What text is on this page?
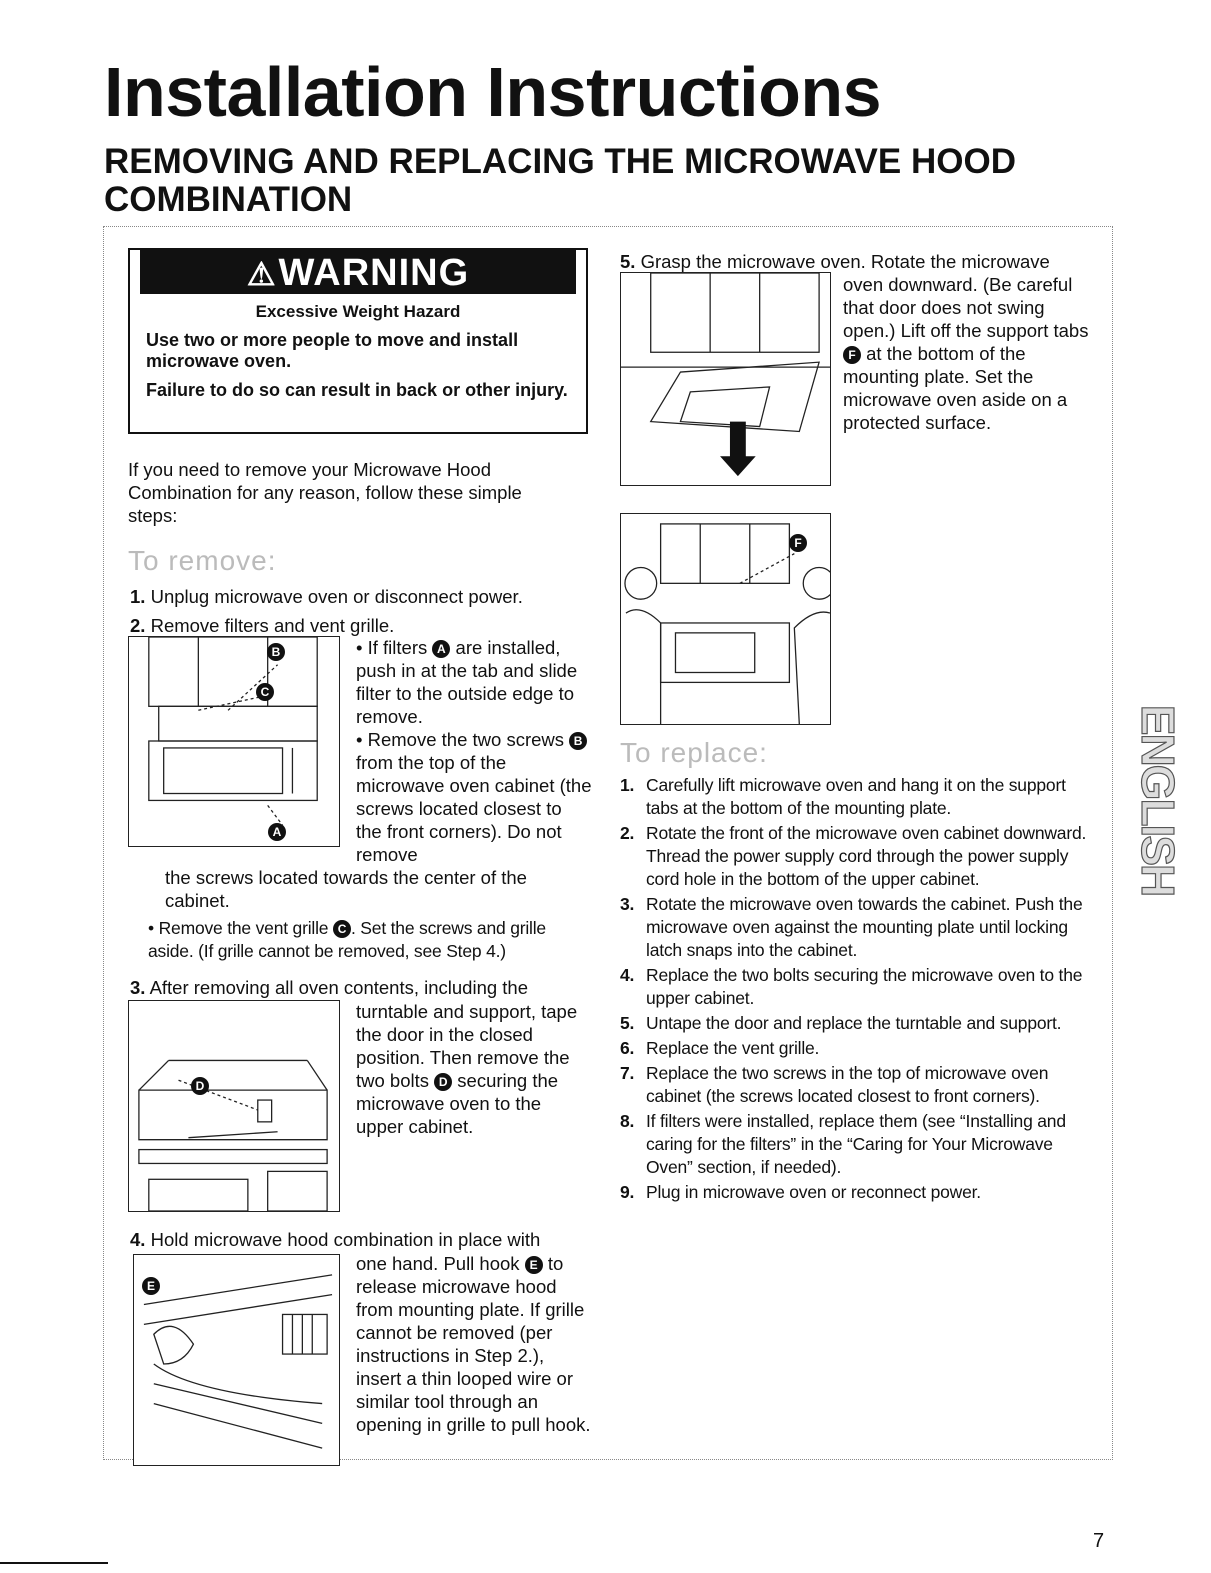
Installation Instructions
REMOVING AND REPLACING THE MICROWAVE HOOD COMBINATION
⚠WARNING
Excessive Weight Hazard
Use two or more people to move and install microwave oven.
Failure to do so can result in back or other injury.
If you need to remove your Microwave Hood Combination for any reason, follow these simple steps:
To remove:
1. Unplug microwave oven or disconnect power.
2. Remove filters and vent grille.
B
C
A
• If filters A are installed, push in at the tab and slide filter to the outside edge to remove.
• Remove the two screws B from the top of the microwave oven cabinet (the screws located closest to the front corners). Do not remove
the screws located towards the center of the cabinet.
• Remove the vent grille C . Set the screws and grille aside. (If grille cannot be removed, see Step 4.)
3. After removing all oven contents, including the
D
turntable and support, tape the door in the closed position. Then remove the two bolts D securing the microwave oven to the upper cabinet.
4. Hold microwave hood combination in place with
E
one hand. Pull hook E to release microwave hood from mounting plate. If grille cannot be removed (per instructions in Step 2.), insert a thin looped wire or similar tool through an opening in grille to pull hook.
5. Grasp the microwave oven. Rotate the microwave
oven downward. (Be careful that door does not swing open.) Lift off the support tabs F at the bottom of the mounting plate. Set the microwave oven aside on a protected surface.
F
To replace:
1. Carefully lift microwave oven and hang it on the support tabs at the bottom of the mounting plate.
2. Rotate the front of the microwave oven cabinet downward. Thread the power supply cord through the power supply cord hole in the bottom of the upper cabinet.
3. Rotate the microwave oven towards the cabinet. Push the microwave oven against the mounting plate until locking latch snaps into the cabinet.
4. Replace the two bolts securing the microwave oven to the upper cabinet.
5. Untape the door and replace the turntable and support.
6. Replace the vent grille.
7. Replace the two screws in the top of microwave oven cabinet (the screws located closest to front corners).
8. If filters were installed, replace them (see “Installing and caring for the filters” in the “Caring for Your Microwave Oven” section, if needed).
9. Plug in microwave oven or reconnect power.
ENGLISH
7
